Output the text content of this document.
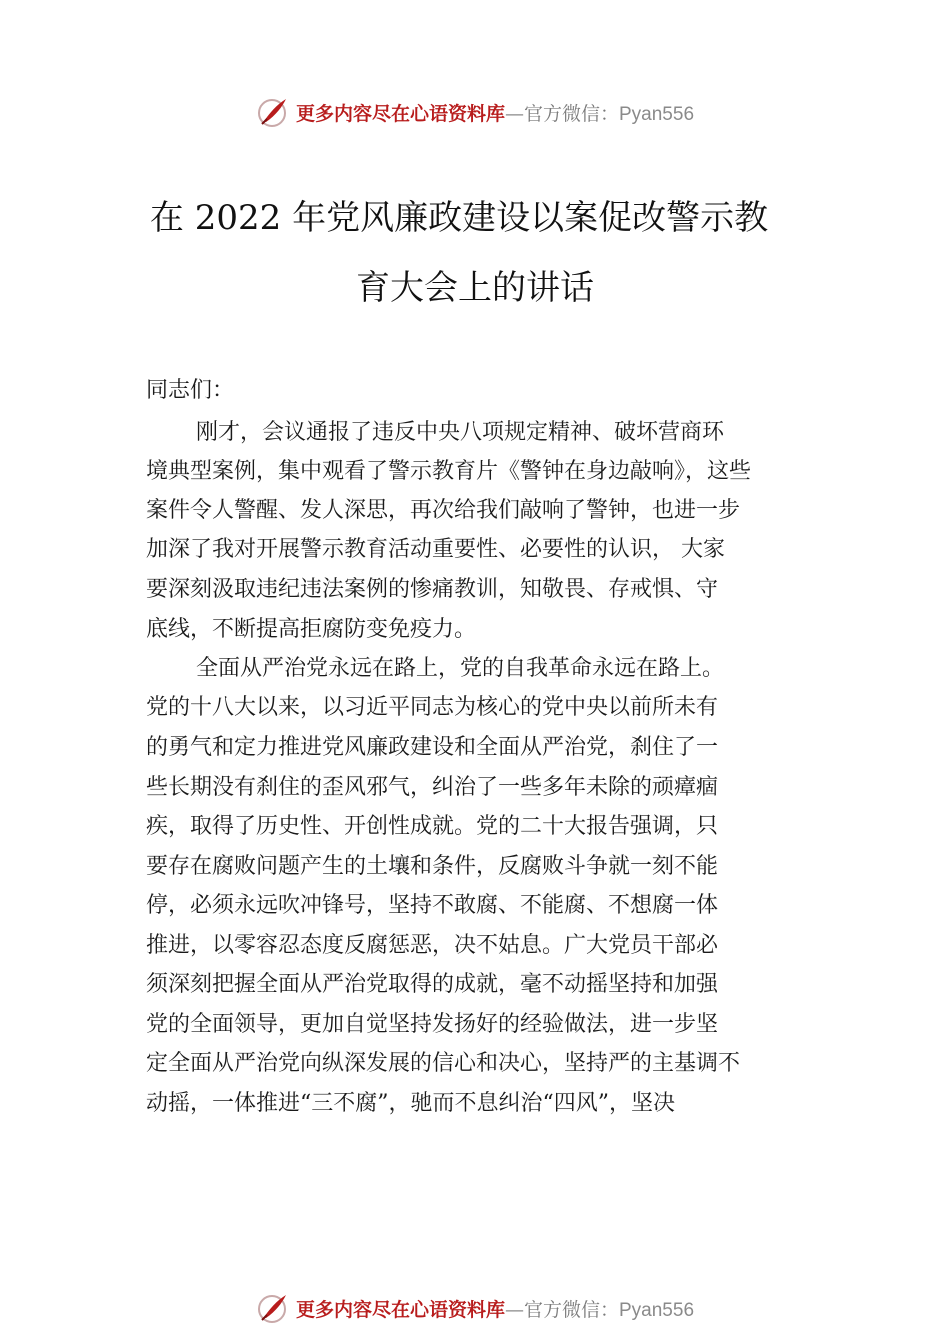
更多内容尽在心语资料库—官方微信：Pyan556
在 2022 年党风廉政建设以案促改警示教
育大会上的讲话

同志们：

刚才，会议通报了违反中央八项规定精神、破坏营商环

境典型案例，集中观看了警示教育片《警钟在身边敲响》，这些

案件令人警醒、发人深思，再次给我们敲响了警钟，也进一步

加深了我对开展警示教育活动重要性、必要性的认识， 大家

要深刻汲取违纪违法案例的惨痛教训，知敬畏、存戒惧、守

底线，不断提高拒腐防变免疫力。

全面从严治党永远在路上，党的自我革命永远在路上。

党的十八大以来，以习近平同志为核心的党中央以前所未有

的勇气和定力推进党风廉政建设和全面从严治党，刹住了一

些长期没有刹住的歪风邪气，纠治了一些多年未除的顽瘴痼

疾，取得了历史性、开创性成就。党的二十大报告强调，只

要存在腐败问题产生的土壤和条件，反腐败斗争就一刻不能

停，必须永远吹冲锋号，坚持不敢腐、不能腐、不想腐一体

推进，以零容忍态度反腐惩恶，决不姑息。广大党员干部必

须深刻把握全面从严治党取得的成就，毫不动摇坚持和加强

党的全面领导，更加自觉坚持发扬好的经验做法，进一步坚

定全面从严治党向纵深发展的信心和决心，坚持严的主基调不

动摇，一体推进“三不腐”，驰而不息纠治“四风”，坚决

更多内容尽在心语资料库—官方微信：Pyan556
